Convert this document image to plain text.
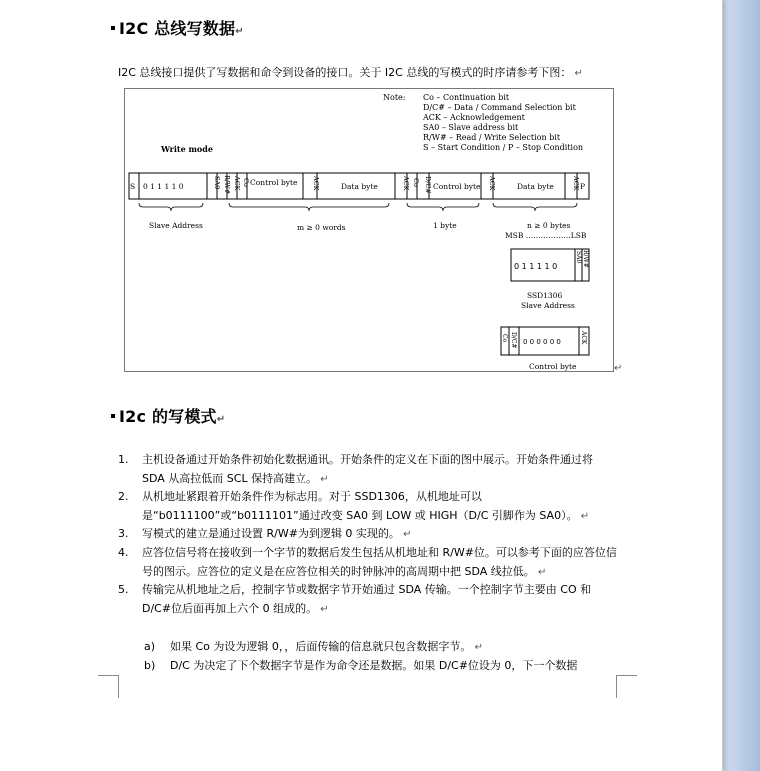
I2C 总线写数据↵
I2C 总线接口提供了写数据和命令到设备的接口。关于 I2C 总线的写模式的时序请参考下图： ↵
Note: Co – Continuation bit
D/C# – Data / Command Selection bit
ACK – Acknowledgement
SA0 – Slave address bit
R/W# – Read / Write Selection bit
S – Start Condition / P – Stop Condition
Write mode
S 0 1 1 1 1 0	SA0 R/W# ACK Co Control byte ACK	Data byte	ACK Co D/C# Control byte ACK	Data byte	ACK P
Slave Address	m ≥ 0 words	1 byte	n ≥ 0 bytes
MSB ………………LSB
0 1 1 1 1 0
SA0 R/W#
SSD1306
Slave Address
Co D/C# 0 0 0 0 0 0	ACK
Control byte	↵
I2c 的写模式↵
1.	主机设备通过开始条件初始化数据通讯。开始条件的定义在下面的图中展示。开始条件通过将 SDA 从高拉低而 SCL 保持高建立。 ↵
2.	从机地址紧跟着开始条件作为标志用。对于 SSD1306，从机地址可以是“b0111100”或“b0111101”通过改变 SA0 到 LOW 或 HIGH（D/C 引脚作为 SA0）。 ↵
3.	写模式的建立是通过设置 R/W#为到逻辑 0 实现的。 ↵
4.	应答位信号将在接收到一个字节的数据后发生包括从机地址和 R/W#位。可以参考下面的应答位信号的图示。应答位的定义是在应答位相关的时钟脉冲的高周期中把 SDA 线拉低。 ↵
5.	传输完从机地址之后，控制字节或数据字节开始通过 SDA 传输。一个控制字节主要由 CO 和 D/C#位后面再加上六个 0 组成的。 ↵
a) 如果 Co 为设为逻辑 0，，后面传输的信息就只包含数据字节。 ↵
b) D/C 为决定了下个数据字节是作为命令还是数据。如果 D/C#位设为 0，下一个数据
